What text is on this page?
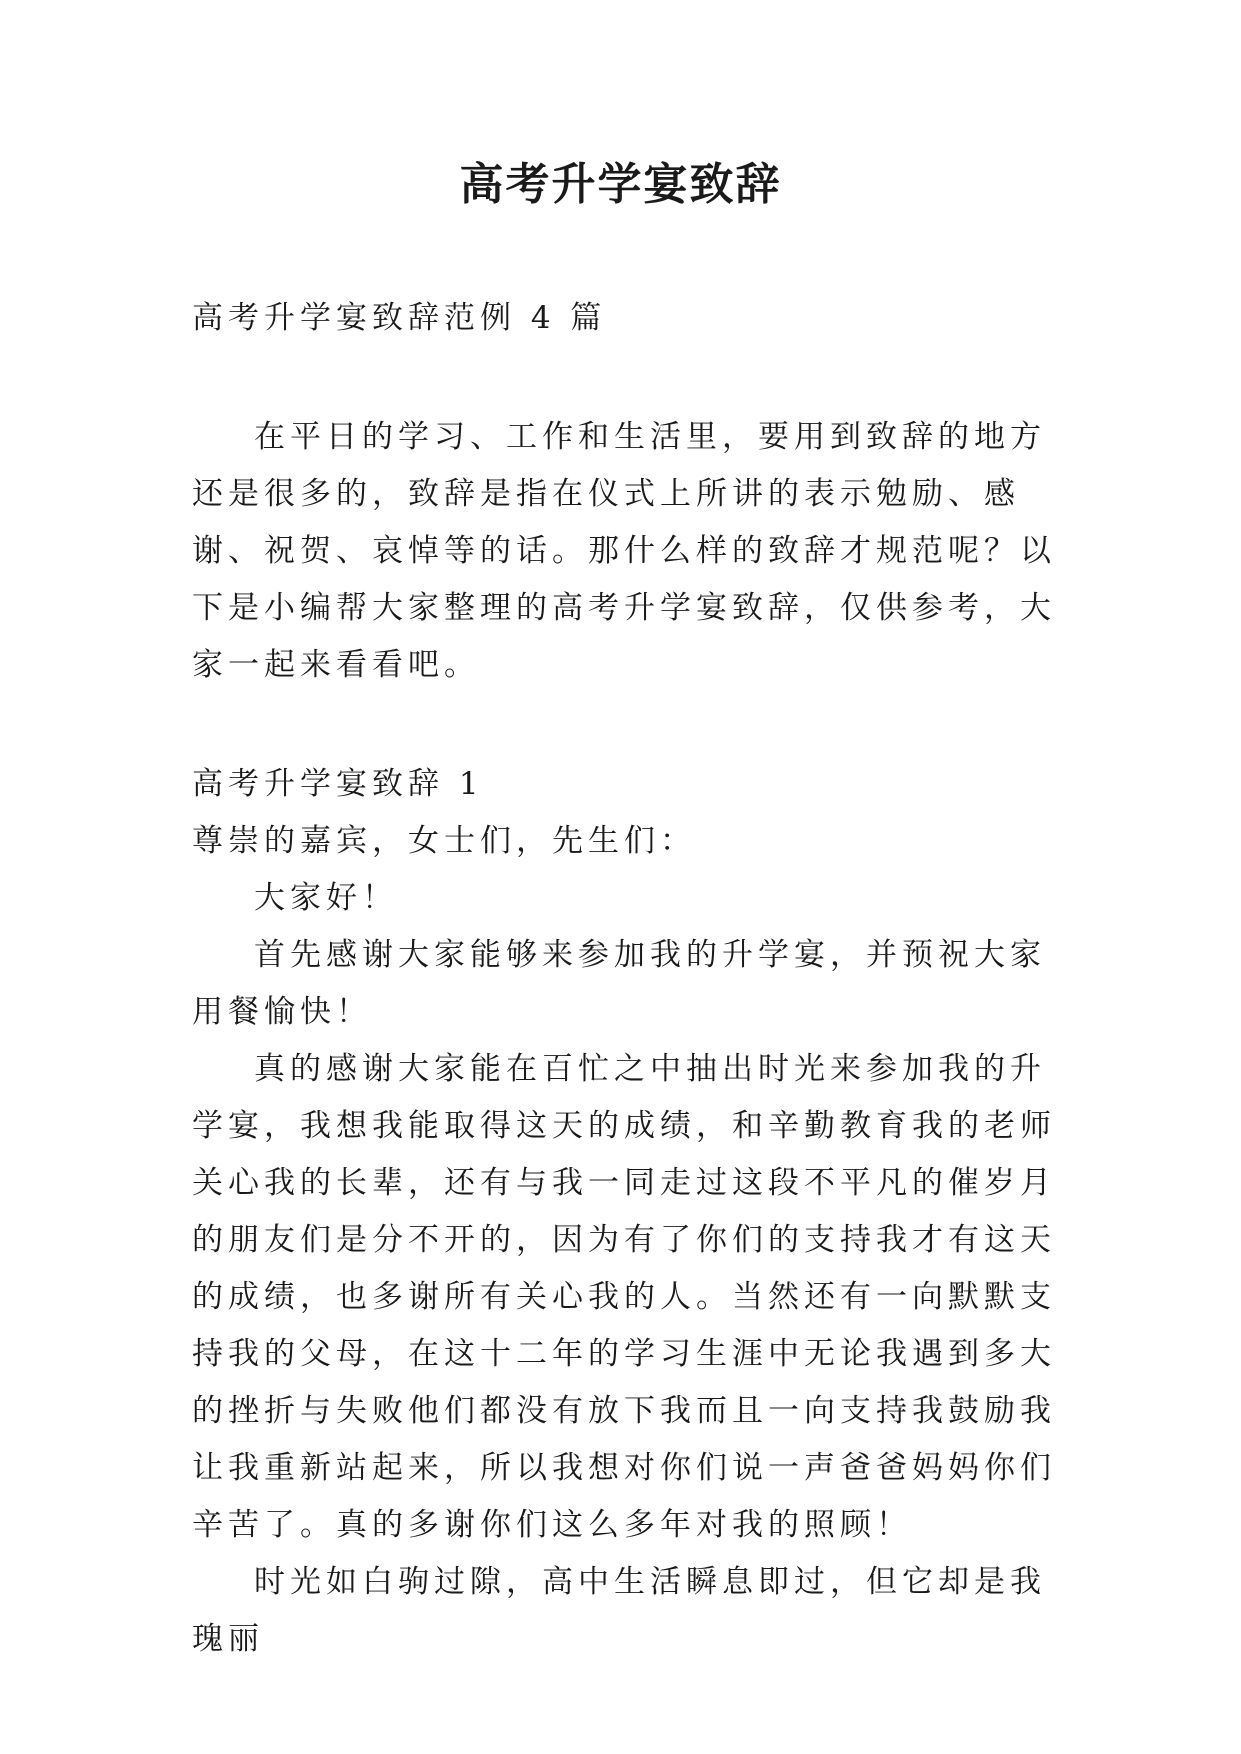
高考升学宴致辞

高考升学宴致辞范例 4 篇

在平日的学习、工作和生活里，要用到致辞的地方还是很多的，致辞是指在仪式上所讲的表示勉励、感谢、祝贺、哀悼等的话。那什么样的致辞才规范呢？以下是小编帮大家整理的高考升学宴致辞，仅供参考，大家一起来看看吧。

高考升学宴致辞 1

尊崇的嘉宾，女士们，先生们：

大家好！

首先感谢大家能够来参加我的升学宴，并预祝大家用餐愉快！

真的感谢大家能在百忙之中抽出时光来参加我的升学宴，我想我能取得这天的成绩，和辛勤教育我的老师关心我的长辈，还有与我一同走过这段不平凡的催岁月的朋友们是分不开的，因为有了你们的支持我才有这天的成绩，也多谢所有关心我的人。当然还有一向默默支持我的父母，在这十二年的学习生涯中无论我遇到多大的挫折与失败他们都没有放下我而且一向支持我鼓励我让我重新站起来，所以我想对你们说一声爸爸妈妈你们辛苦了。真的多谢你们这么多年对我的照顾！

时光如白驹过隙，高中生活瞬息即过，但它却是我瑰丽
